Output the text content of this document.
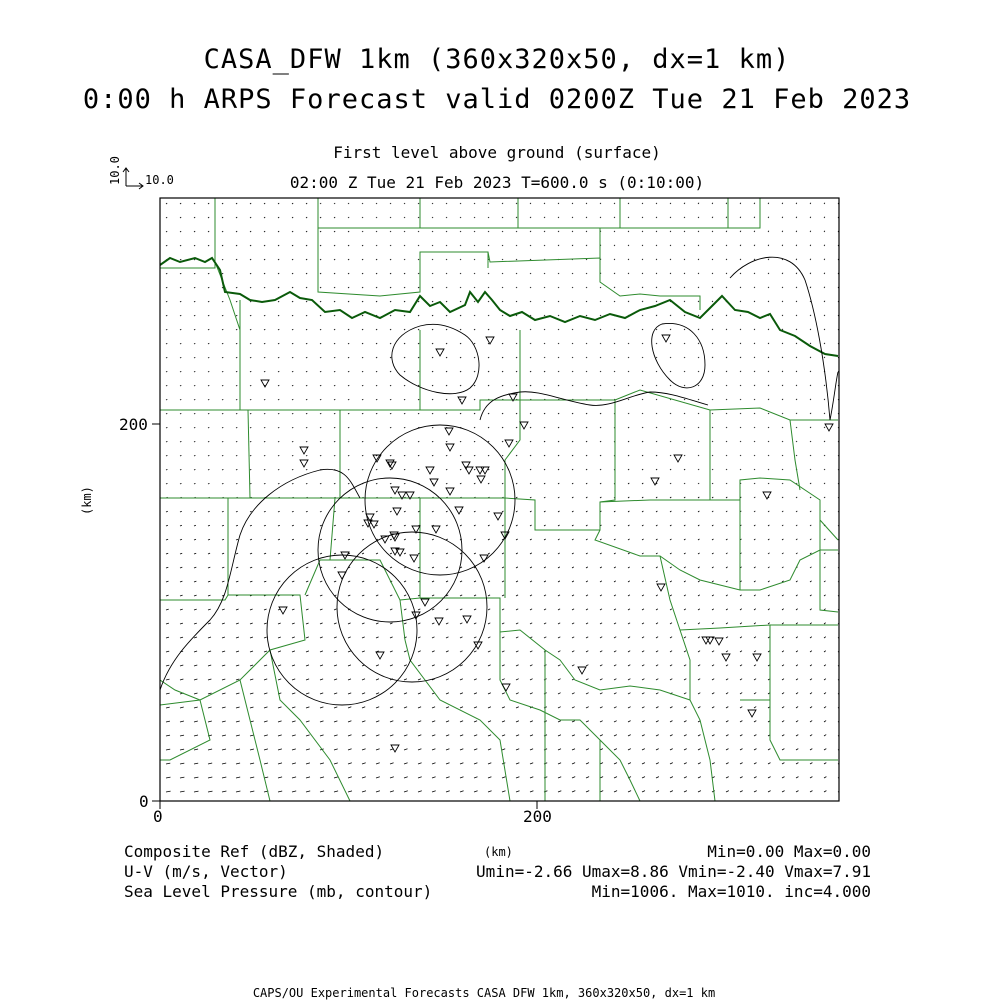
CASA_DFW 1km (360x320x50, dx=1 km)
0:00 h ARPS Forecast valid 0200Z Tue 21 Feb 2023
First level above ground (surface)
02:00 Z Tue 21 Feb 2023 T=600.0 s (0:10:00)
10.0
10.0
0
200
0	200
(km)
(km)
Composite Ref (dBZ, Shaded)	Min=0.00 Max=0.00
U-V (m/s, Vector)	Umin=-2.66 Umax=8.86 Vmin=-2.40 Vmax=7.91
Sea Level Pressure (mb, contour)	Min=1006. Max=1010. inc=4.000
CAPS/OU Experimental Forecasts CASA DFW 1km, 360x320x50, dx=1 km
